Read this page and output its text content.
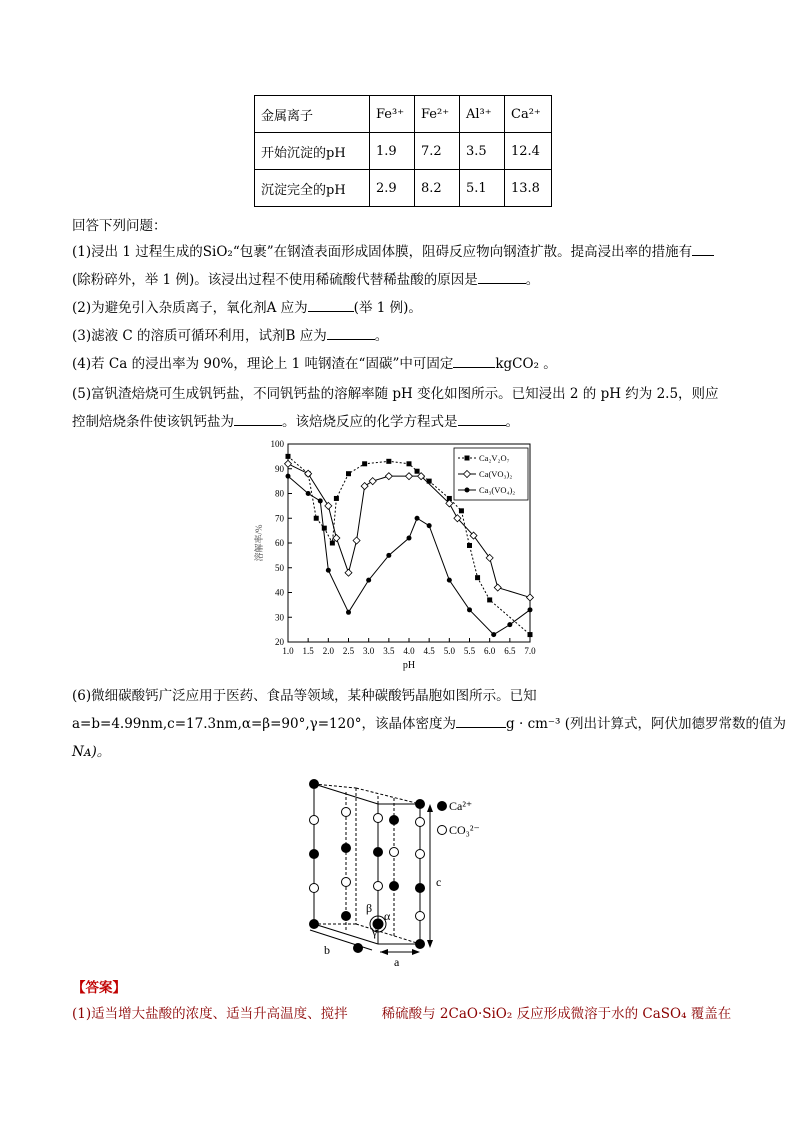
金属离子	Fe³⁺	Fe²⁺	Al³⁺	Ca²⁺
开始沉淀的pH	1.9	7.2	3.5	12.4
沉淀完全的pH	2.9	8.2	5.1	13.8
回答下列问题：
(1)浸出 1 过程生成的SiO₂“包裹”在钢渣表面形成固体膜，阻碍反应物向钢渣扩散。提高浸出率的措施有
(除粉碎外，举 1 例)。该浸出过程不使用稀硫酸代替稀盐酸的原因是	。
(2)为避免引入杂质离子，氧化剂A 应为	(举 1 例)。
(3)滤液 C 的溶质可循环利用，试剂B 应为	。
(4)若 Ca 的浸出率为 90%，理论上 1 吨钢渣在“固碳”中可固定	kgCO₂ 。
(5)富钒渣焙烧可生成钒钙盐，不同钒钙盐的溶解率随 pH 变化如图所示。已知浸出 2 的 pH 约为 2.5，则应
控制焙烧条件使该钒钙盐为	。该焙烧反应的化学方程式是	。
1.0 1.5 2.0 2.5 3.0 3.5 4.0 4.5 5.0 5.5 6.0 6.5 7.0
20
30
40
50
60
70
80
90
100
pH
溶解率/%
Ca₂V₂O₇
Ca(VO₃)₂
Ca₃(VO₄)₂
(6)微细碳酸钙广泛应用于医药、食品等领域，某种碳酸钙晶胞如图所示。已知
a=b=4.99nm,c=17.3nm,α=β=90°,γ=120°，该晶体密度为	g · cm⁻³ (列出计算式，阿伏加德罗常数的值为
Nᴀ)。
Ca²⁺
CO₃²⁻
c
b
a
α
β
γ
【答案】
(1)适当增大盐酸的浓度、适当升高温度、搅拌	稀硫酸与 2CaO·SiO₂ 反应形成微溶于水的 CaSO₄ 覆盖在
